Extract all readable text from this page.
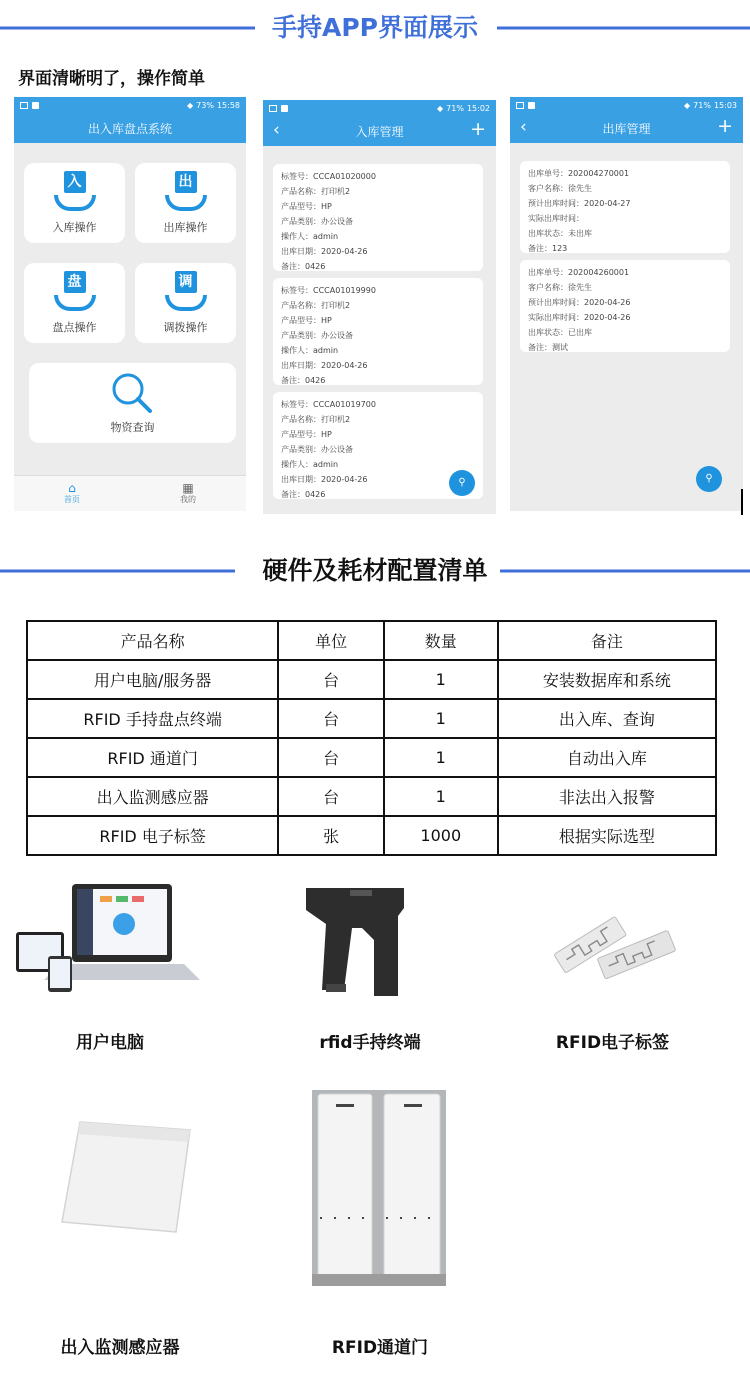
手持APP界面展示
界面清晰明了，操作简单
◆ 73% 15:58
出入库盘点系统
入
入库操作
出
出库操作
盘
盘点操作
调
调拨操作
物资查询
⌂
首页
▦
我的
◆ 71% 15:02
‹	入库管理	+
标签号：CCCA01020000
产品名称：打印机2
产品型号：HP
产品类别：办公设备
操作人：admin
出库日期：2020-04-26
备注：0426
标签号：CCCA01019990
产品名称：打印机2
产品型号：HP
产品类别：办公设备
操作人：admin
出库日期：2020-04-26
备注：0426
标签号：CCCA01019700
产品名称：打印机2
产品型号：HP
产品类别：办公设备
操作人：admin
出库日期：2020-04-26
备注：0426
⚲
◆ 71% 15:03
‹	出库管理	+
出库单号：202004270001
客户名称：徐先生
预计出库时间：2020-04-27
实际出库时间：
出库状态：未出库
备注：123
出库单号：202004260001
客户名称：徐先生
预计出库时间：2020-04-26
实际出库时间：2020-04-26
出库状态：已出库
备注：测试
⚲
硬件及耗材配置清单
产品名称	单位	数量	备注
用户电脑/服务器	台	1	安装数据库和系统
RFID 手持盘点终端	台	1	出入库、查询
RFID 通道门	台	1	自动出入库
出入监测感应器	台	1	非法出入报警
RFID 电子标签	张	1000	根据实际选型
用户电脑	rfid手持终端	RFID电子标签
出入监测感应器	RFID通道门
